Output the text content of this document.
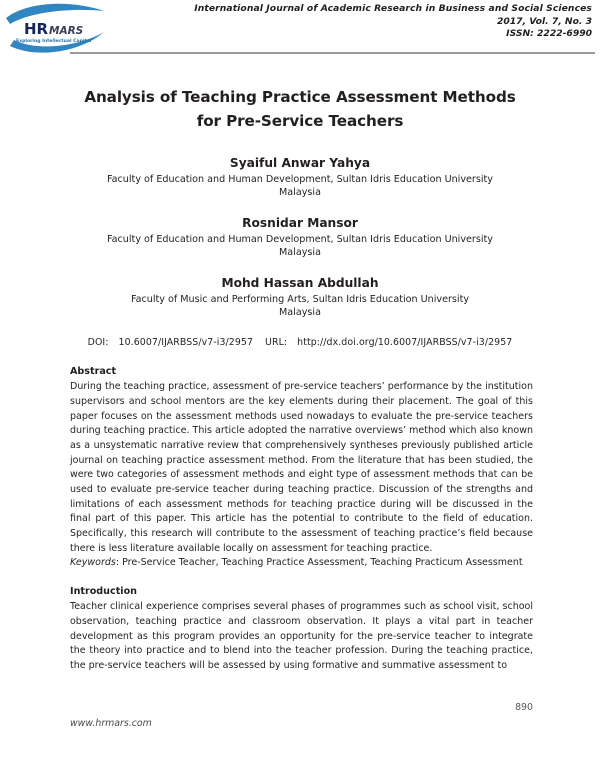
HR MARS
Exploring Intellectual Capital
International Journal of Academic Research in Business and Social Sciences
2017, Vol. 7, No. 3
ISSN: 2222-6990
Analysis of Teaching Practice Assessment Methods for Pre-Service Teachers
Syaiful Anwar Yahya
Faculty of Education and Human Development, Sultan Idris Education University
Malaysia
Rosnidar Mansor
Faculty of Education and Human Development, Sultan Idris Education University
Malaysia
Mohd Hassan Abdullah
Faculty of Music and Performing Arts, Sultan Idris Education University
Malaysia
DOI: 10.6007/IJARBSS/v7-i3/2957 URL: http://dx.doi.org/10.6007/IJARBSS/v7-i3/2957
Abstract

During the teaching practice, assessment of pre-service teachers’ performance by the institution supervisors and school mentors are the key elements during their placement. The goal of this paper focuses on the assessment methods used nowadays to evaluate the pre-service teachers during teaching practice. This article adopted the narrative overviews’ method which also known as a unsystematic narrative review that comprehensively syntheses previously published article journal on teaching practice assessment method. From the literature that has been studied, the were two categories of assessment methods and eight type of assessment methods that can be used to evaluate pre-service teacher during teaching practice. Discussion of the strengths and limitations of each assessment methods for teaching practice during will be discussed in the final part of this paper. This article has the potential to contribute to the field of education. Specifically, this research will contribute to the assessment of teaching practice’s field because there is less literature available locally on assessment for teaching practice.

Keywords: Pre-Service Teacher, Teaching Practice Assessment, Teaching Practicum Assessment

Introduction

Teacher clinical experience comprises several phases of programmes such as school visit, school observation, teaching practice and classroom observation. It plays a vital part in teacher development as this program provides an opportunity for the pre-service teacher to integrate the theory into practice and to blend into the teacher profession. During the teaching practice, the pre-service teachers will be assessed by using formative and summative assessment to

890
www.hrmars.com
